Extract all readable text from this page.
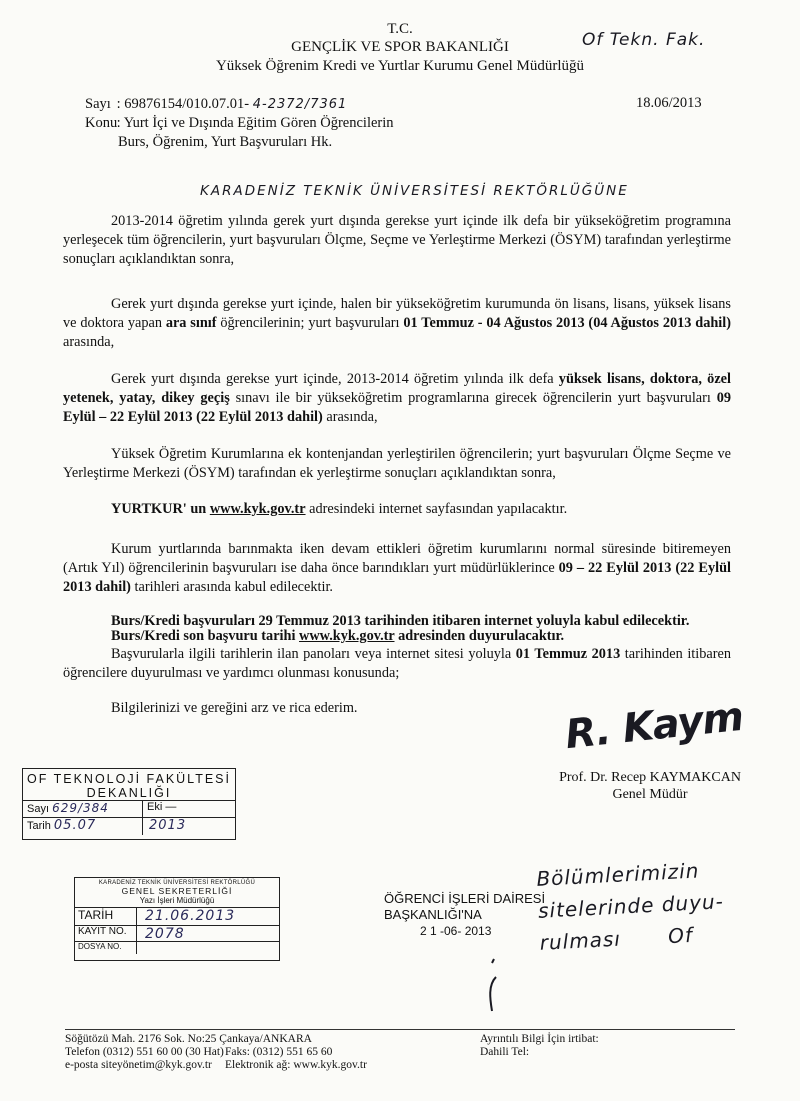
T.C.
GENÇLİK VE SPOR BAKANLIĞI
Yüksek Öğrenim Kredi ve Yurtlar Kurumu Genel Müdürlüğü
Of Tekn. Fak.
Sayı : 69876154/010.07.01- 4-2372/7361
Konu : Yurt İçi ve Dışında Eğitim Gören Öğrencilerin
Burs, Öğrenim, Yurt Başvuruları Hk.
18.06/2013
KARADENİZ TEKNİK ÜNİVERSİTESİ REKTÖRLÜĞÜNE
2013-2014 öğretim yılında gerek yurt dışında gerekse yurt içinde ilk defa bir yükseköğretim programına yerleşecek tüm öğrencilerin, yurt başvuruları Ölçme, Seçme ve Yerleştirme Merkezi (ÖSYM) tarafından yerleştirme sonuçları açıklandıktan sonra,
Gerek yurt dışında gerekse yurt içinde, halen bir yükseköğretim kurumunda ön lisans, lisans, yüksek lisans ve doktora yapan ara sınıf öğrencilerinin; yurt başvuruları 01 Temmuz - 04 Ağustos 2013 (04 Ağustos 2013 dahil) arasında,
Gerek yurt dışında gerekse yurt içinde, 2013-2014 öğretim yılında ilk defa yüksek lisans, doktora, özel yetenek, yatay, dikey geçiş sınavı ile bir yükseköğretim programlarına girecek öğrencilerin yurt başvuruları 09 Eylül – 22 Eylül 2013 (22 Eylül 2013 dahil) arasında,
Yüksek Öğretim Kurumlarına ek kontenjandan yerleştirilen öğrencilerin; yurt başvuruları Ölçme Seçme ve Yerleştirme Merkezi (ÖSYM) tarafından ek yerleştirme sonuçları açıklandıktan sonra,
YURTKUR' un www.kyk.gov.tr adresindeki internet sayfasından yapılacaktır.
Kurum yurtlarında barınmakta iken devam ettikleri öğretim kurumlarını normal süresinde bitiremeyen (Artık Yıl) öğrencilerinin başvuruları ise daha önce barındıkları yurt müdürlüklerince 09 – 22 Eylül 2013 (22 Eylül 2013 dahil) tarihleri arasında kabul edilecektir.
Burs/Kredi başvuruları 29 Temmuz 2013 tarihinden itibaren internet yoluyla kabul edilecektir.
Burs/Kredi son başvuru tarihi www.kyk.gov.tr adresinden duyurulacaktır.
Başvurularla ilgili tarihlerin ilan panoları veya internet sitesi yoluyla 01 Temmuz 2013 tarihinden itibaren öğrencilere duyurulması ve yardımcı olunması konusunda;
Bilgilerinizi ve gereğini arz ve rica ederim.	R. Kaym
Prof. Dr. Recep KAYMAKCAN
Genel Müdür
OF TEKNOLOJİ FAKÜLTESİ
DEKANLIĞI
Sayı 629/384	Eki —
Tarih 05.07	2013
KARADENİZ TEKNİK ÜNİVERSİTESİ REKTÖRLÜĞÜ
GENEL SEKRETERLİĞİ
Yazı İşleri Müdürlüğü
TARİH	21.06.2013
KAYIT NO.	2078
DOSYA NO.
ÖĞRENCİ İŞLERİ DAİRESİ
BAŞKANLIĞI'NA
2 1 -06- 2013
Bölümlerimizin
sitelerinde duyu-
rulması Of
Söğütözü Mah. 2176 Sok. No:25 Çankaya/ANKARA
Telefon (0312) 551 60 00 (30 Hat) Faks: (0312) 551 65 60
e-posta siteyönetim@kyk.gov.tr	Elektronik ağ: www.kyk.gov.tr
Ayrıntılı Bilgi İçin irtibat:
Dahili Tel:
